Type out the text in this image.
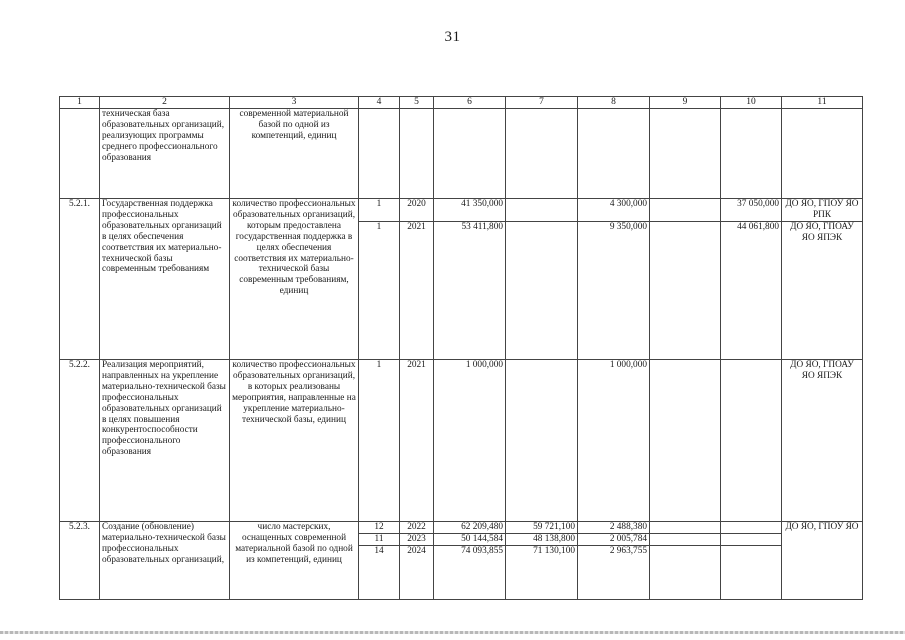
31
1	2	3	4	5	6	7	8	9	10	11
	техническая база образовательных организаций, реализующих программы среднего профессионального образования	современной материальной базой по одной из компетенций, единиц								
5.2.1.	Государственная поддержка профессиональных образовательных организаций в целях обеспечения соответствия их материально-технической базы современным требованиям	количество профессиональных образовательных организаций, которым предоставлена государственная поддержка в целях обеспечения соответствия их материально-технической базы современным требованиям, единиц	1	2020	41 350,000		4 300,000		37 050,000	ДО ЯО, ГПОУ ЯО РПК
			1	2021	53 411,800		9 350,000		44 061,800	ДО ЯО, ГПОАУ ЯО ЯПЭК
5.2.2.	Реализация мероприятий, направленных на укрепление материально-технической базы профессиональных образовательных организаций в целях повышения конкурентоспособности профессионального образования	количество профессиональных образовательных организаций, в которых реализованы мероприятия, направленные на укрепление материально-технической базы, единиц	1	2021	1 000,000		1 000,000			ДО ЯО, ГПОАУ ЯО ЯПЭК
5.2.3.	Создание (обновление) материально-технической базы профессиональных образовательных организаций,	число мастерских, оснащенных современной материальной базой по одной из компетенций, единиц	12	2022	62 209,480	59 721,100	2 488,380			ДО ЯО, ГПОУ ЯО
			11	2023	50 144,584	48 138,800	2 005,784			
			14	2024	74 093,855	71 130,100	2 963,755			
